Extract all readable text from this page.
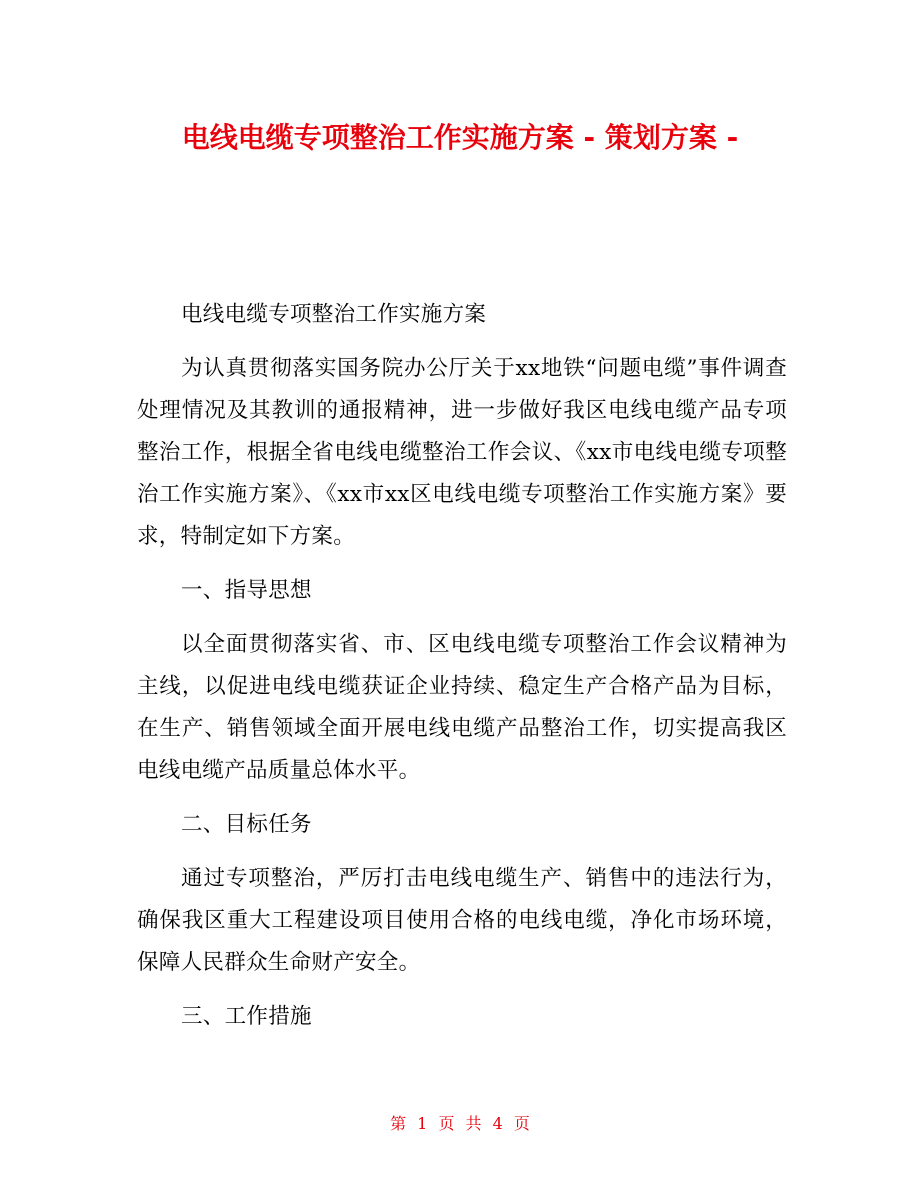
电线电缆专项整治工作实施方案 - 策划方案 -

电线电缆专项整治工作实施方案

为认真贯彻落实国务院办公厅关于xx地铁“问题电缆”事件调查处理情况及其教训的通报精神，进一步做好我区电线电缆产品专项整治工作，根据全省电线电缆整治工作会议、《xx市电线电缆专项整治工作实施方案》、《xx市xx区电线电缆专项整治工作实施方案》要求，特制定如下方案。

一、指导思想

以全面贯彻落实省、市、区电线电缆专项整治工作会议精神为主线，以促进电线电缆获证企业持续、稳定生产合格产品为目标，在生产、销售领域全面开展电线电缆产品整治工作，切实提高我区电线电缆产品质量总体水平。

二、目标任务

通过专项整治，严厉打击电线电缆生产、销售中的违法行为，确保我区重大工程建设项目使用合格的电线电缆，净化市场环境，保障人民群众生命财产安全。

三、工作措施

第 1 页 共 4 页
